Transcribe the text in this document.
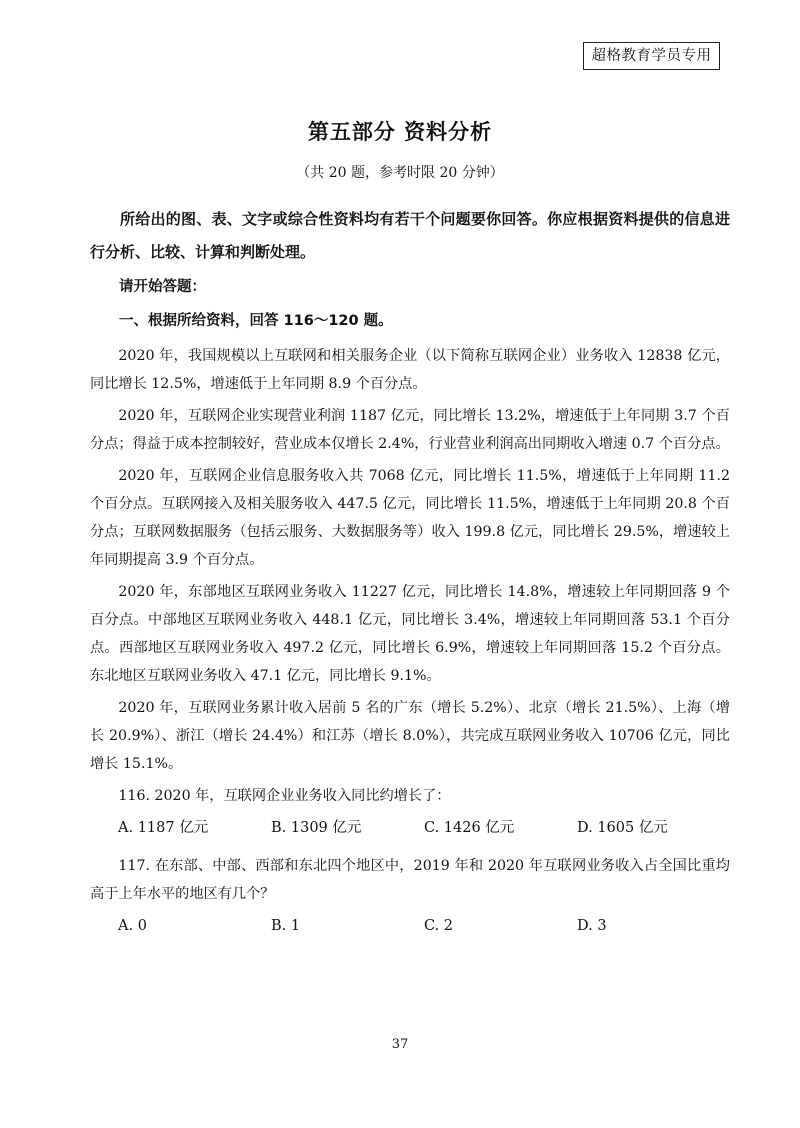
超格教育学员专用
第五部分 资料分析
（共 20 题，参考时限 20 分钟）

所给出的图、表、文字或综合性资料均有若干个问题要你回答。你应根据资料提供的信息进行分析、比较、计算和判断处理。

请开始答题：

一、根据所给资料，回答 116～120 题。

2020 年，我国规模以上互联网和相关服务企业（以下简称互联网企业）业务收入 12838 亿元，同比增长 12.5%，增速低于上年同期 8.9 个百分点。

2020 年，互联网企业实现营业利润 1187 亿元，同比增长 13.2%，增速低于上年同期 3.7 个百分点；得益于成本控制较好，营业成本仅增长 2.4%，行业营业利润高出同期收入增速 0.7 个百分点。

2020 年，互联网企业信息服务收入共 7068 亿元，同比增长 11.5%，增速低于上年同期 11.2 个百分点。互联网接入及相关服务收入 447.5 亿元，同比增长 11.5%，增速低于上年同期 20.8 个百分点；互联网数据服务（包括云服务、大数据服务等）收入 199.8 亿元，同比增长 29.5%，增速较上年同期提高 3.9 个百分点。

2020 年，东部地区互联网业务收入 11227 亿元，同比增长 14.8%，增速较上年同期回落 9 个百分点。中部地区互联网业务收入 448.1 亿元，同比增长 3.4%，增速较上年同期回落 53.1 个百分点。西部地区互联网业务收入 497.2 亿元，同比增长 6.9%，增速较上年同期回落 15.2 个百分点。东北地区互联网业务收入 47.1 亿元，同比增长 9.1%。

2020 年，互联网业务累计收入居前 5 名的广东（增长 5.2%）、北京（增长 21.5%）、上海（增长 20.9%）、浙江（增长 24.4%）和江苏（增长 8.0%），共完成互联网业务收入 10706 亿元，同比增长 15.1%。

116. 2020 年，互联网企业业务收入同比约增长了：

A. 1187 亿元	B. 1309 亿元	C. 1426 亿元	D. 1605 亿元

117. 在东部、中部、西部和东北四个地区中，2019 年和 2020 年互联网业务收入占全国比重均高于上年水平的地区有几个？

A. 0	B. 1	C. 2	D. 3
37
